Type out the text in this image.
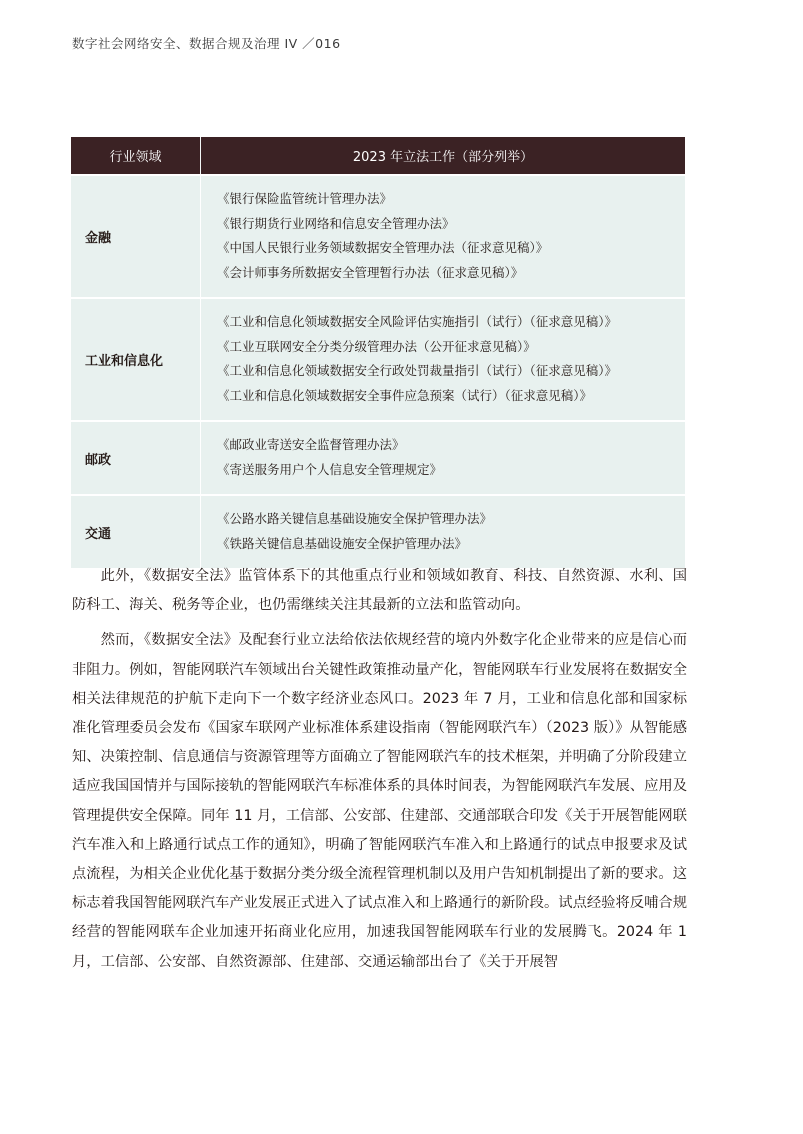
数字社会网络安全、数据合规及治理 IV ／016
行业领域	2023 年立法工作（部分列举）
金融	《银行保险监管统计管理办法》
《银行期货行业网络和信息安全管理办法》
《中国人民银行业务领域数据安全管理办法（征求意见稿）》
《会计师事务所数据安全管理暂行办法（征求意见稿）》

工业和信息化	《工业和信息化领域数据安全风险评估实施指引（试行）（征求意见稿）》
《工业互联网安全分类分级管理办法（公开征求意见稿）》
《工业和信息化领域数据安全行政处罚裁量指引（试行）（征求意见稿）》
《工业和信息化领域数据安全事件应急预案（试行）（征求意见稿）》

邮政	《邮政业寄送安全监督管理办法》
《寄送服务用户个人信息安全管理规定》

交通	《公路水路关键信息基础设施安全保护管理办法》
《铁路关键信息基础设施安全保护管理办法》

此外，《数据安全法》监管体系下的其他重点行业和领域如教育、科技、自然资源、水利、国防科工、海关、税务等企业，也仍需继续关注其最新的立法和监管动向。

然而，《数据安全法》及配套行业立法给依法依规经营的境内外数字化企业带来的应是信心而非阻力。例如，智能网联汽车领域出台关键性政策推动量产化，智能网联车行业发展将在数据安全相关法律规范的护航下走向下一个数字经济业态风口。2023 年 7 月，工业和信息化部和国家标准化管理委员会发布《国家车联网产业标准体系建设指南（智能网联汽车）（2023 版）》从智能感知、决策控制、信息通信与资源管理等方面确立了智能网联汽车的技术框架，并明确了分阶段建立适应我国国情并与国际接轨的智能网联汽车标准体系的具体时间表，为智能网联汽车发展、应用及管理提供安全保障。同年 11 月，工信部、公安部、住建部、交通部联合印发《关于开展智能网联汽车准入和上路通行试点工作的通知》，明确了智能网联汽车准入和上路通行的试点申报要求及试点流程，为相关企业优化基于数据分类分级全流程管理机制以及用户告知机制提出了新的要求。这标志着我国智能网联汽车产业发展正式进入了试点准入和上路通行的新阶段。试点经验将反哺合规经营的智能网联车企业加速开拓商业化应用，加速我国智能网联车行业的发展腾飞。2024 年 1 月，工信部、公安部、自然资源部、住建部、交通运输部出台了《关于开展智
